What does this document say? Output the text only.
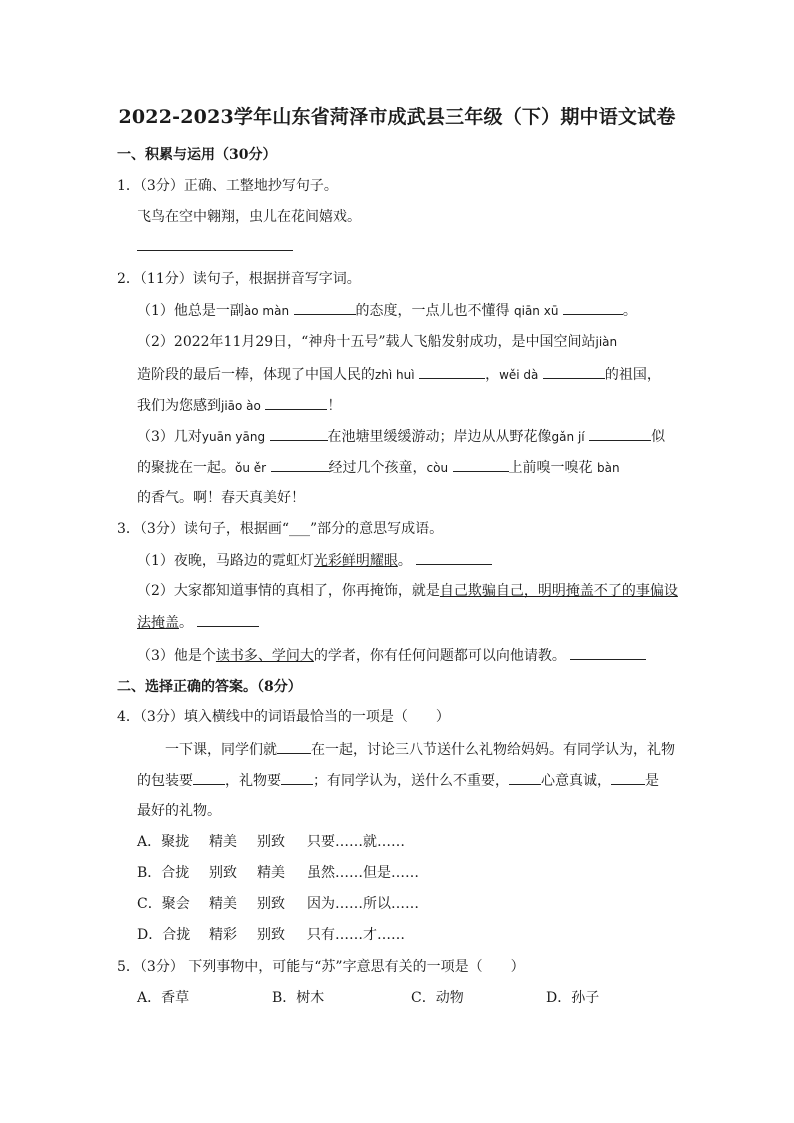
2022-2023学年山东省菏泽市成武县三年级（下）期中语文试卷
一、积累与运用（30分）
1．（3分）正确、工整地抄写句子。
飞鸟在空中翱翔，虫儿在花间嬉戏。
2．（11分）读句子，根据拼音写字词。
（1）他总是一副ào màn	的态度，一点儿也不懂得 qiān xū	。
（2）2022年11月29日，“神舟十五号”载人飞船发射成功，是中国空间站jiàn
造阶段的最后一棒，体现了中国人民的zhì huì	，wěi dà	的祖国，
我们为您感到jiāo ào	！
（3）几对yuān yāng	在池塘里缓缓游动；岸边从从野花像gǎn jí	似
的聚拢在一起。ǒu ěr	经过几个孩童，còu	上前嗅一嗅花 bàn
的香气。啊！春天真美好！
3．（3分）读句子，根据画“___”部分的意思写成语。
（1）夜晚，马路边的霓虹灯光彩鲜明耀眼。
（2）大家都知道事情的真相了，你再掩饰，就是自己欺骗自己，明明掩盖不了的事偏设
法掩盖。
（3）他是个读书多、学问大的学者，你有任何问题都可以向他请教。
二、选择正确的答案。（8分）
4．（3分）填入横线中的词语最恰当的一项是（　　）
一下课，同学们就 在一起，讨论三八节送什么礼物给妈妈。有同学认为，礼物
的包装要 ，礼物要 ；有同学认为，送什么不重要， 心意真诚， 是
最好的礼物。
A．聚拢 精美 别致 只要……就……
B．合拢 别致 精美 虽然……但是……
C．聚会 精美 别致 因为……所以……
D．合拢 精彩 别致 只有……才……
5．（3分） 下列事物中，可能与“苏”字意思有关的一项是（　　）
A．香草	B．树木	C．动物	D．孙子
